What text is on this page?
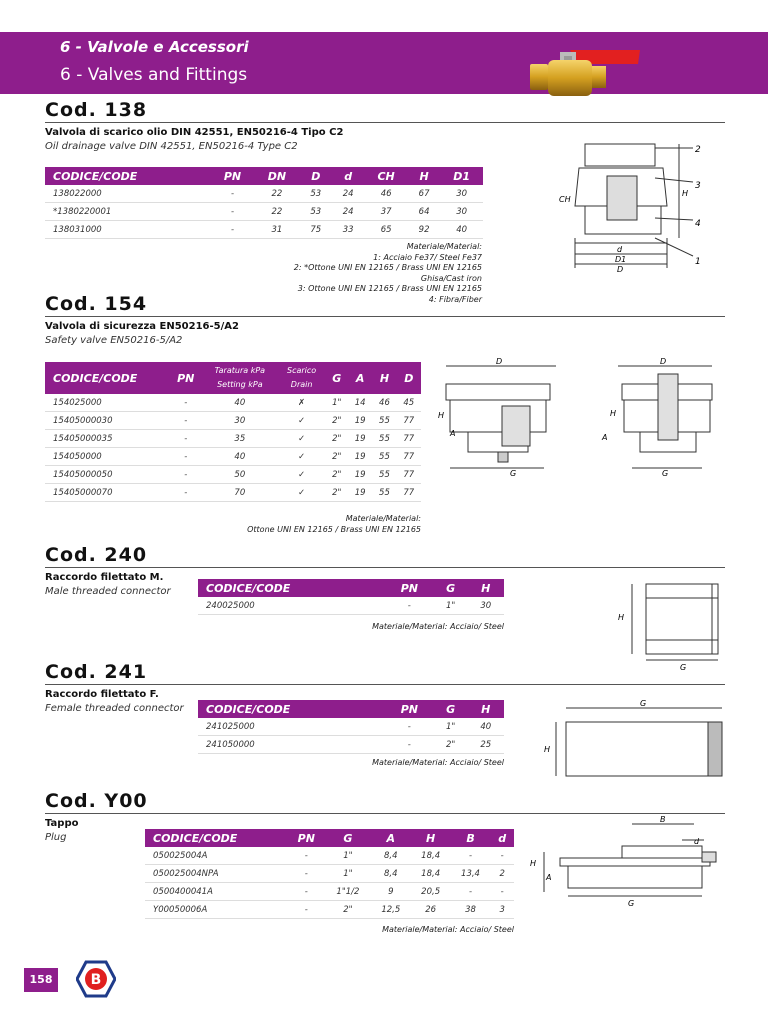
6 - Valvole e Accessori
6 - Valves and Fittings
Cod. 138
Valvola di scarico olio DIN 42551, EN50216-4 Tipo C2
Oil drainage valve DIN 42551, EN50216-4 Type C2
CODICE/CODE	PN	DN	D	d	CH	H	D1
138022000	-	22	53	24	46	67	30
*1380220001	-	22	53	24	37	64	30
138031000	-	31	75	33	65	92	40
Materiale/Material:
1: Acciaio Fe37/ Steel Fe37
2: *Ottone UNI EN 12165 / Brass UNI EN 12165
Ghisa/Cast iron
3: Ottone UNI EN 12165 / Brass UNI EN 12165
4: Fibra/Fiber
2
3
4
1
CH
H
d
D1
D
Cod. 154
Valvola di sicurezza EN50216-5/A2
Safety valve EN50216-5/A2
CODICE/CODE	PN	Taratura kPa
Setting kPa	Scarico
Drain	G	A	H	D
154025000	-	40	✗	1"	14	46	45
15405000030	-	30	✓	2"	19	55	77
15405000035	-	35	✓	2"	19	55	77
154050000	-	40	✓	2"	19	55	77
15405000050	-	50	✓	2"	19	55	77
15405000070	-	70	✓	2"	19	55	77
Materiale/Material:
Ottone UNI EN 12165 / Brass UNI EN 12165
D
H
A
G
D
H
A
G
Cod. 240
Raccordo filettato M.
Male threaded connector	CODICE/CODE	PN	G	H
240025000	-	1"	30
Materiale/Material: Acciaio/ Steel
H
G
Cod. 241
Raccordo filettato F.
Female threaded connector CODICE/CODE	PN	G	H
241025000	-	1"	40
241050000	-	2"	25
Materiale/Material: Acciaio/ Steel
G
H
Cod. Y00
Tappo
Plug	CODICE/CODE	PN	G	A	H	B	d
050025004A	-	1"	8,4	18,4	-	-
050025004NPA	-	1"	8,4	18,4	13,4	2
0500400041A	-	1"1/2	9	20,5	-	-
Y00050006A	-	2"	12,5	26	38	3
Materiale/Material: Acciaio/ Steel
B
d
H
A
G
158	B
